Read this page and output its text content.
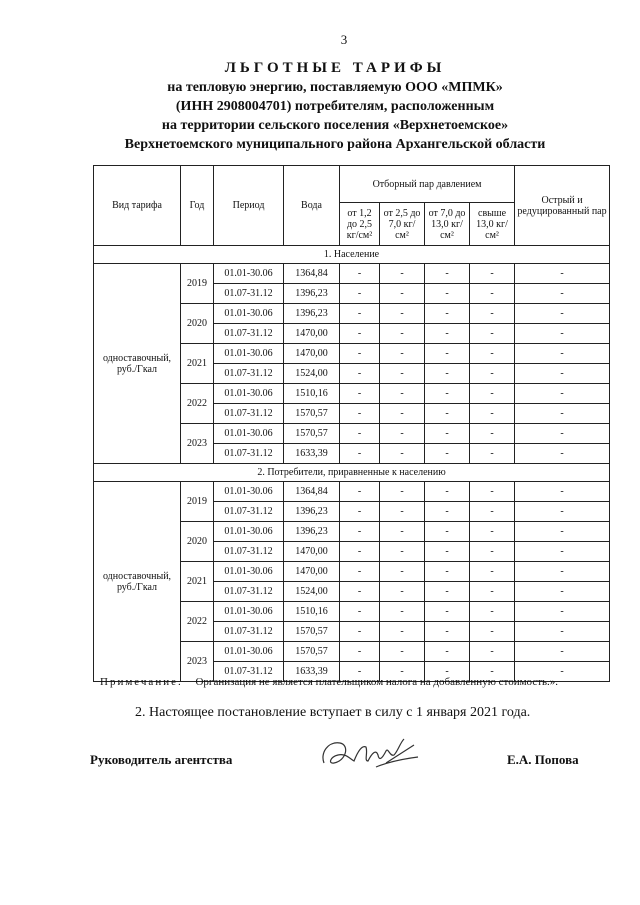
3
ЛЬГОТНЫЕ ТАРИФЫ
на тепловую энергию, поставляемую ООО «МПМК»
(ИНН 2908004701) потребителям, расположенным
на территории сельского поселения «Верхнетоемское»
Верхнетоемского муниципального района Архангельской области
Вид тарифа	Год	Период	Вода	Отборный пар давлением				Острый и редуцированный пар
				от 1,2 до 2,5 кг/см²	от 2,5 до 7,0 кг/см²	от 7,0 до 13,0 кг/см²	свыше 13,0 кг/см²	
1. Население								
одноставочный, руб./Гкал	2019	01.01-30.06	1364,84	-	-	-	-	-
		01.07-31.12	1396,23	-	-	-	-	-
	2020	01.01-30.06	1396,23	-	-	-	-	-
		01.07-31.12	1470,00	-	-	-	-	-
	2021	01.01-30.06	1470,00	-	-	-	-	-
		01.07-31.12	1524,00	-	-	-	-	-
	2022	01.01-30.06	1510,16	-	-	-	-	-
		01.07-31.12	1570,57	-	-	-	-	-
	2023	01.01-30.06	1570,57	-	-	-	-	-
		01.07-31.12	1633,39	-	-	-	-	-
2. Потребители, приравненные к населению								
одноставочный, руб./Гкал	2019	01.01-30.06	1364,84	-	-	-	-	-
		01.07-31.12	1396,23	-	-	-	-	-
	2020	01.01-30.06	1396,23	-	-	-	-	-
		01.07-31.12	1470,00	-	-	-	-	-
	2021	01.01-30.06	1470,00	-	-	-	-	-
		01.07-31.12	1524,00	-	-	-	-	-
	2022	01.01-30.06	1510,16	-	-	-	-	-
		01.07-31.12	1570,57	-	-	-	-	-
	2023	01.01-30.06	1570,57	-	-	-	-	-
		01.07-31.12	1633,39	-	-	-	-	-
Примечание. Организация не является плательщиком налога на добавленную стоимость.».
2. Настоящее постановление вступает в силу с 1 января 2021 года.
Руководитель агентства	Е.А. Попова
